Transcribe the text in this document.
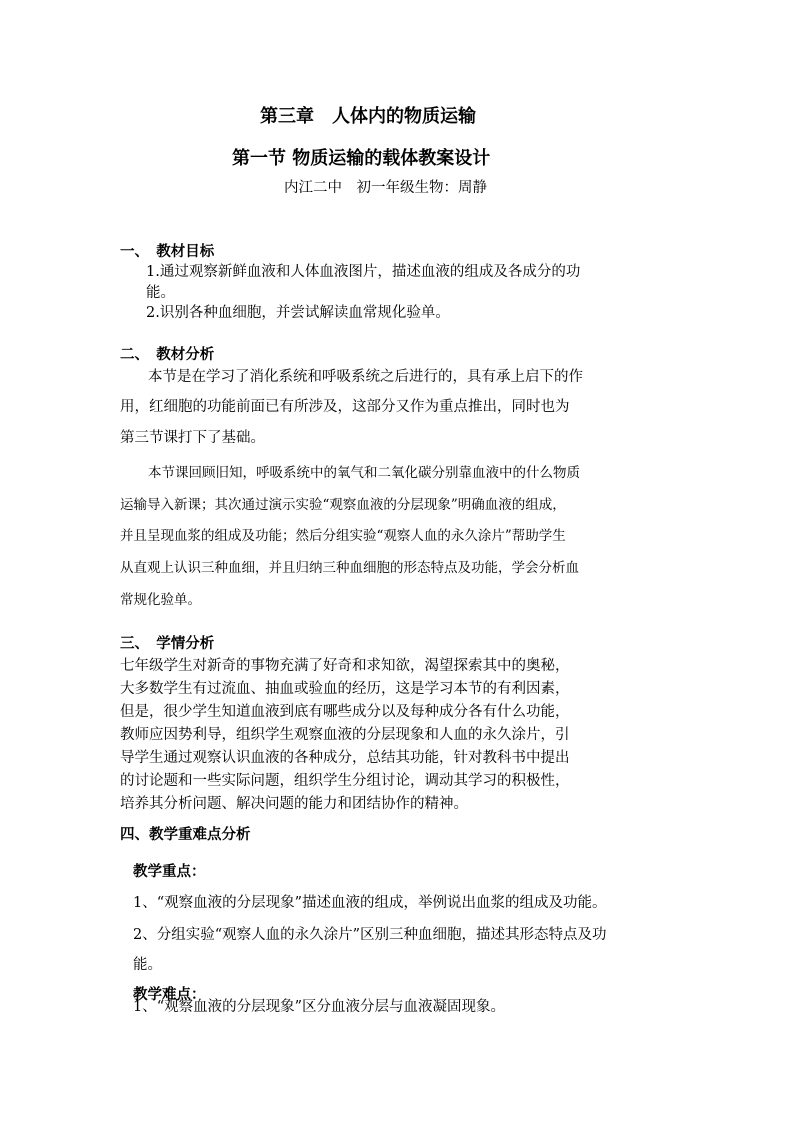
第三章　人体内的物质运输
第一节 物质运输的载体教案设计
内江二中　初一年级生物：周静
一、　教材目标
1.通过观察新鲜血液和人体血液图片，描述血液的组成及各成分的功
能。
2.识别各种血细胞，并尝试解读血常规化验单。
二、　教材分析
本节是在学习了消化系统和呼吸系统之后进行的，具有承上启下的作
用，红细胞的功能前面已有所涉及，这部分又作为重点推出，同时也为
第三节课打下了基础。
本节课回顾旧知，呼吸系统中的氧气和二氧化碳分别靠血液中的什么物质
运输导入新课；其次通过演示实验“观察血液的分层现象”明确血液的组成，
并且呈现血浆的组成及功能；然后分组实验“观察人血的永久涂片”帮助学生
从直观上认识三种血细，并且归纳三种血细胞的形态特点及功能，学会分析血
常规化验单。
三、　学情分析
七年级学生对新奇的事物充满了好奇和求知欲，渴望探索其中的奥秘，
大多数学生有过流血、抽血或验血的经历，这是学习本节的有利因素，
但是，很少学生知道血液到底有哪些成分以及每种成分各有什么功能，
教师应因势利导，组织学生观察血液的分层现象和人血的永久涂片，引
导学生通过观察认识血液的各种成分，总结其功能，针对教科书中提出
的讨论题和一些实际问题，组织学生分组讨论，调动其学习的积极性，
培养其分析问题、解决问题的能力和团结协作的精神。
四、教学重难点分析
教学重点：
1、“观察血液的分层现象”描述血液的组成，举例说出血浆的组成及功能。
2、分组实验“观察人血的永久涂片”区别三种血细胞，描述其形态特点及功
能。
教学难点：
1、“观察血液的分层现象”区分血液分层与血液凝固现象。
